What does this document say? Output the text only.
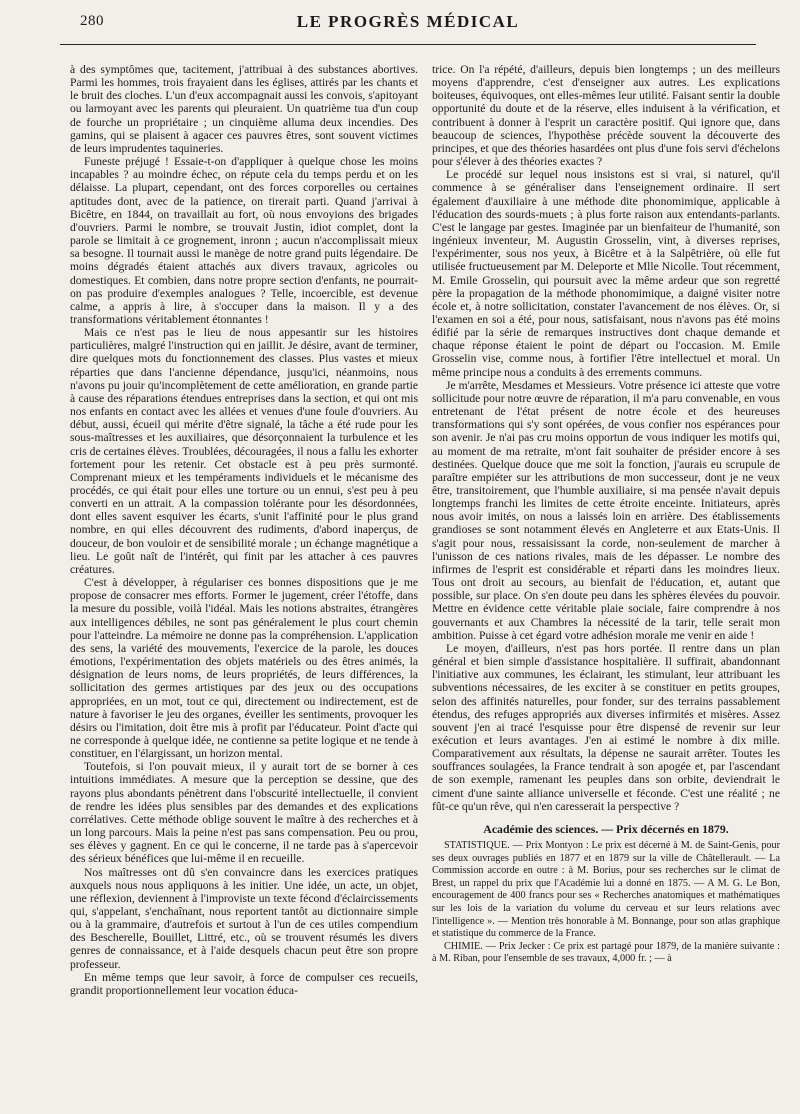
280	LE PROGRÈS MÉDICAL

à des symptômes que, tacitement, j'attribuai à des substances abortives. Parmi les hommes, trois frayaient dans les églises, attirés par les chants et le bruit des cloches. L'un d'eux accompagnait aussi les convois, s'apitoyant ou larmoyant avec les parents qui pleuraient. Un quatrième tua d'un coup de fourche un propriétaire ; un cinquième alluma deux incendies. Des gamins, qui se plaisent à agacer ces pauvres êtres, sont souvent victimes de leurs imprudentes taquineries.

Funeste préjugé ! Essaie-t-on d'appliquer à quelque chose les moins incapables ? au moindre échec, on répute cela du temps perdu et on les délaisse. La plupart, cependant, ont des forces corporelles ou certaines aptitudes dont, avec de la patience, on tirerait parti. Quand j'arrivai à Bicêtre, en 1844, on travaillait au fort, où nous envoyions des brigades d'ouvriers. Parmi le nombre, se trouvait Justin, idiot complet, dont la parole se limitait à ce grognement, inronn ; aucun n'accomplissait mieux sa besogne. Il tournait aussi le manège de notre grand puits légendaire. De moins dégradés étaient attachés aux divers travaux, agricoles ou domestiques. Et combien, dans notre propre section d'enfants, ne pourrait-on pas produire d'exemples analogues ? Telle, incoercible, est devenue calme, a appris à lire, à s'occuper dans la maison. Il y a des transformations véritablement étonnantes !

Mais ce n'est pas le lieu de nous appesantir sur les histoires particulières, malgré l'instruction qui en jaillit. Je désire, avant de terminer, dire quelques mots du fonctionnement des classes. Plus vastes et mieux réparties que dans l'ancienne dépendance, jusqu'ici, néanmoins, nous n'avons pu jouir qu'incomplètement de cette amélioration, en grande partie à cause des réparations étendues entreprises dans la section, et qui ont mis nos enfants en contact avec les allées et venues d'une foule d'ouvriers. Au début, aussi, écueil qui mérite d'être signalé, la tâche a été rude pour les sous-maîtresses et les auxiliaires, que désorçonnaient la turbulence et les cris de certaines élèves. Troublées, découragées, il nous a fallu les exhorter fortement pour les retenir. Cet obstacle est à peu près surmonté. Comprenant mieux et les tempéraments individuels et le mécanisme des procédés, ce qui était pour elles une torture ou un ennui, s'est peu à peu converti en un attrait. A la compassion tolérante pour les désordonnées, dont elles savent esquiver les écarts, s'unit l'affinité pour le plus grand nombre, en qui elles découvrent des rudiments, d'abord inaperçus, de douceur, de bon vouloir et de sensibilité morale ; un échange magnétique a lieu. Le goût naît de l'intérêt, qui finit par les attacher à ces pauvres créatures.

C'est à développer, à régulariser ces bonnes dispositions que je me propose de consacrer mes efforts. Former le jugement, créer l'étoffe, dans la mesure du possible, voilà l'idéal. Mais les notions abstraites, étrangères aux intelligences débiles, ne sont pas généralement le plus court chemin pour l'atteindre. La mémoire ne donne pas la compréhension. L'application des sens, la variété des mouvements, l'exercice de la parole, les douces émotions, l'expérimentation des objets matériels ou des êtres animés, la désignation de leurs noms, de leurs propriétés, de leurs différences, la sollicitation des germes artistiques par des jeux ou des occupations appropriées, en un mot, tout ce qui, directement ou indirectement, est de nature à favoriser le jeu des organes, éveiller les sentiments, provoquer les désirs ou l'imitation, doit être mis à profit par l'éducateur. Point d'acte qui ne corresponde à quelque idée, ne contienne sa petite logique et ne tende à constituer, en l'élargissant, un horizon mental.

Toutefois, si l'on pouvait mieux, il y aurait tort de se borner à ces intuitions immédiates. A mesure que la perception se dessine, que des rayons plus abondants pénètrent dans l'obscurité intellectuelle, il convient de rendre les idées plus sensibles par des demandes et des explications corrélatives. Cette méthode oblige souvent le maître à des recherches et à un long parcours. Mais la peine n'est pas sans compensation. Peu ou prou, ses élèves y gagnent. En ce qui le concerne, il ne tarde pas à s'apercevoir des sérieux bénéfices que lui-même il en recueille.

Nos maîtresses ont dû s'en convaincre dans les exercices pratiques auxquels nous nous appliquons à les initier. Une idée, un acte, un objet, une réflexion, deviennent à l'improviste un texte fécond d'éclaircissements qui, s'appelant, s'enchaînant, nous reportent tantôt au dictionnaire simple ou à la grammaire, d'autrefois et surtout à l'un de ces utiles compendium des Bescherelle, Bouillet, Littré, etc., où se trouvent résumés les divers genres de connaissance, et à l'aide desquels chacun peut être son propre professeur.

En même temps que leur savoir, à force de compulser ces recueils, grandit proportionnellement leur vocation éduca-

trice. On l'a répété, d'ailleurs, depuis bien longtemps ; un des meilleurs moyens d'apprendre, c'est d'enseigner aux autres. Les explications boiteuses, équivoques, ont elles-mêmes leur utilité. Faisant sentir la double opportunité du doute et de la réserve, elles induisent à la vérification, et contribuent à donner à l'esprit un caractère positif. Qui ignore que, dans beaucoup de sciences, l'hypothèse précède souvent la découverte des principes, et que des théories hasardées ont plus d'une fois servi d'échelons pour s'élever à des théories exactes ?

Le procédé sur lequel nous insistons est si vrai, si naturel, qu'il commence à se généraliser dans l'enseignement ordinaire. Il sert également d'auxiliaire à une méthode dite phonomimique, applicable à l'éducation des sourds-muets ; à plus forte raison aux entendants-parlants. C'est le langage par gestes. Imaginée par un bienfaiteur de l'humanité, son ingénieux inventeur, M. Augustin Grosselin, vint, à diverses reprises, l'expérimenter, sous nos yeux, à Bicêtre et à la Salpêtrière, où elle fut utilisée fructueusement par M. Deleporte et Mlle Nicolle. Tout récemment, M. Emile Grosselin, qui poursuit avec la même ardeur que son regretté père la propagation de la méthode phonomimique, a daigné visiter notre école et, à notre sollicitation, constater l'avancement de nos élèves. Or, si l'examen en soi a été, pour nous, satisfaisant, nous n'avons pas été moins édifié par la série de remarques instructives dont chaque demande et chaque réponse étaient le point de départ ou l'occasion. M. Emile Grosselin vise, comme nous, à fortifier l'être intellectuel et moral. Un même principe nous a conduits à des errements communs.

Je m'arrête, Mesdames et Messieurs. Votre présence ici atteste que votre sollicitude pour notre œuvre de réparation, il m'a paru convenable, en vous entretenant de l'état présent de notre école et des heureuses transformations qui s'y sont opérées, de vous confier nos espérances pour son avenir. Je n'ai pas cru moins opportun de vous indiquer les motifs qui, au moment de ma retraite, m'ont fait souhaiter de présider encore à ses destinées. Quelque douce que me soit la fonction, j'aurais eu scrupule de paraître empiéter sur les attributions de mon successeur, dont je ne veux être, transitoirement, que l'humble auxiliaire, si ma pensée n'avait depuis longtemps franchi les limites de cette étroite enceinte. Initiateurs, après nous avoir imités, on nous a laissés loin en arrière. Des établissements grandioses se sont notamment élevés en Angleterre et aux Etats-Unis. Il s'agit pour nous, ressaisissant la corde, non-seulement de marcher à l'unisson de ces nations rivales, mais de les dépasser. Le nombre des infirmes de l'esprit est considérable et réparti dans les moindres lieux. Tous ont droit au secours, au bienfait de l'éducation, et, autant que possible, sur place. On s'en doute peu dans les sphères élevées du pouvoir. Mettre en évidence cette véritable plaie sociale, faire comprendre à nos gouvernants et aux Chambres la nécessité de la tarir, telle serait mon ambition. Puisse à cet égard votre adhésion morale me venir en aide !

Le moyen, d'ailleurs, n'est pas hors portée. Il rentre dans un plan général et bien simple d'assistance hospitalière. Il suffirait, abandonnant l'initiative aux communes, les éclairant, les stimulant, leur attribuant les subventions nécessaires, de les exciter à se constituer en petits groupes, selon des affinités naturelles, pour fonder, sur des terrains passablement étendus, des refuges appropriés aux diverses infirmités et misères. Assez souvent j'en ai tracé l'esquisse pour être dispensé de revenir sur leur exécution et leurs avantages. J'en ai estimé le nombre à dix mille. Comparativement aux résultats, la dépense ne saurait arrêter. Toutes les souffrances soulagées, la France tendrait à son apogée et, par l'ascendant de son exemple, ramenant les peuples dans son orbite, deviendrait le ciment d'une sainte alliance universelle et féconde. C'est une réalité ; ne fût-ce qu'un rêve, qui n'en caresserait la perspective ?

Académie des sciences. — Prix décernés en 1879.

STATISTIQUE. — Prix Montyon : Le prix est décerné à M. de Saint-Genis, pour ses deux ouvrages publiés en 1877 et en 1879 sur la ville de Châtellerault. — La Commission accorde en outre : à M. Borius, pour ses recherches sur le climat de Brest, un rappel du prix que l'Académie lui a donné en 1875. — A M. G. Le Bon, encouragement de 400 francs pour ses « Recherches anatomiques et mathématiques sur les lois de la variation du volume du cerveau et sur leurs relations avec l'intelligence ». — Mention très honorable à M. Bonnange, pour son atlas graphique et statistique du commerce de la France.

CHIMIE. — Prix Jecker : Ce prix est partagé pour 1879, de la manière suivante : à M. Riban, pour l'ensemble de ses travaux, 4,000 fr. ; — à
